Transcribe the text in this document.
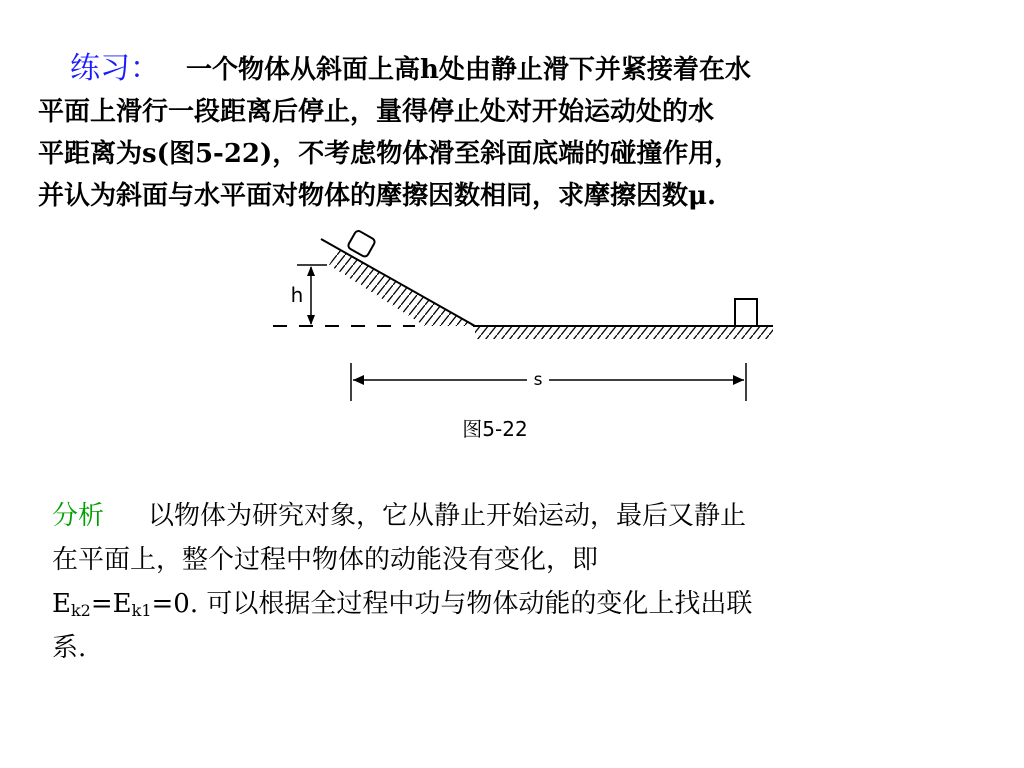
练习： 一个物体从斜面上高h处由静止滑下并紧接着在水
平面上滑行一段距离后停止，量得停止处对开始运动处的水
平距离为s(图5-22)，不考虑物体滑至斜面底端的碰撞作用，
并认为斜面与水平面对物体的摩擦因数相同，求摩擦因数μ.
h
s
图5-22
分析 以物体为研究对象，它从静止开始运动，最后又静止
在平面上，整个过程中物体的动能没有变化，即
$E_{k2}=E_{k1}=0$. 可以根据全过程中功与物体动能的变化上找出联
系.
